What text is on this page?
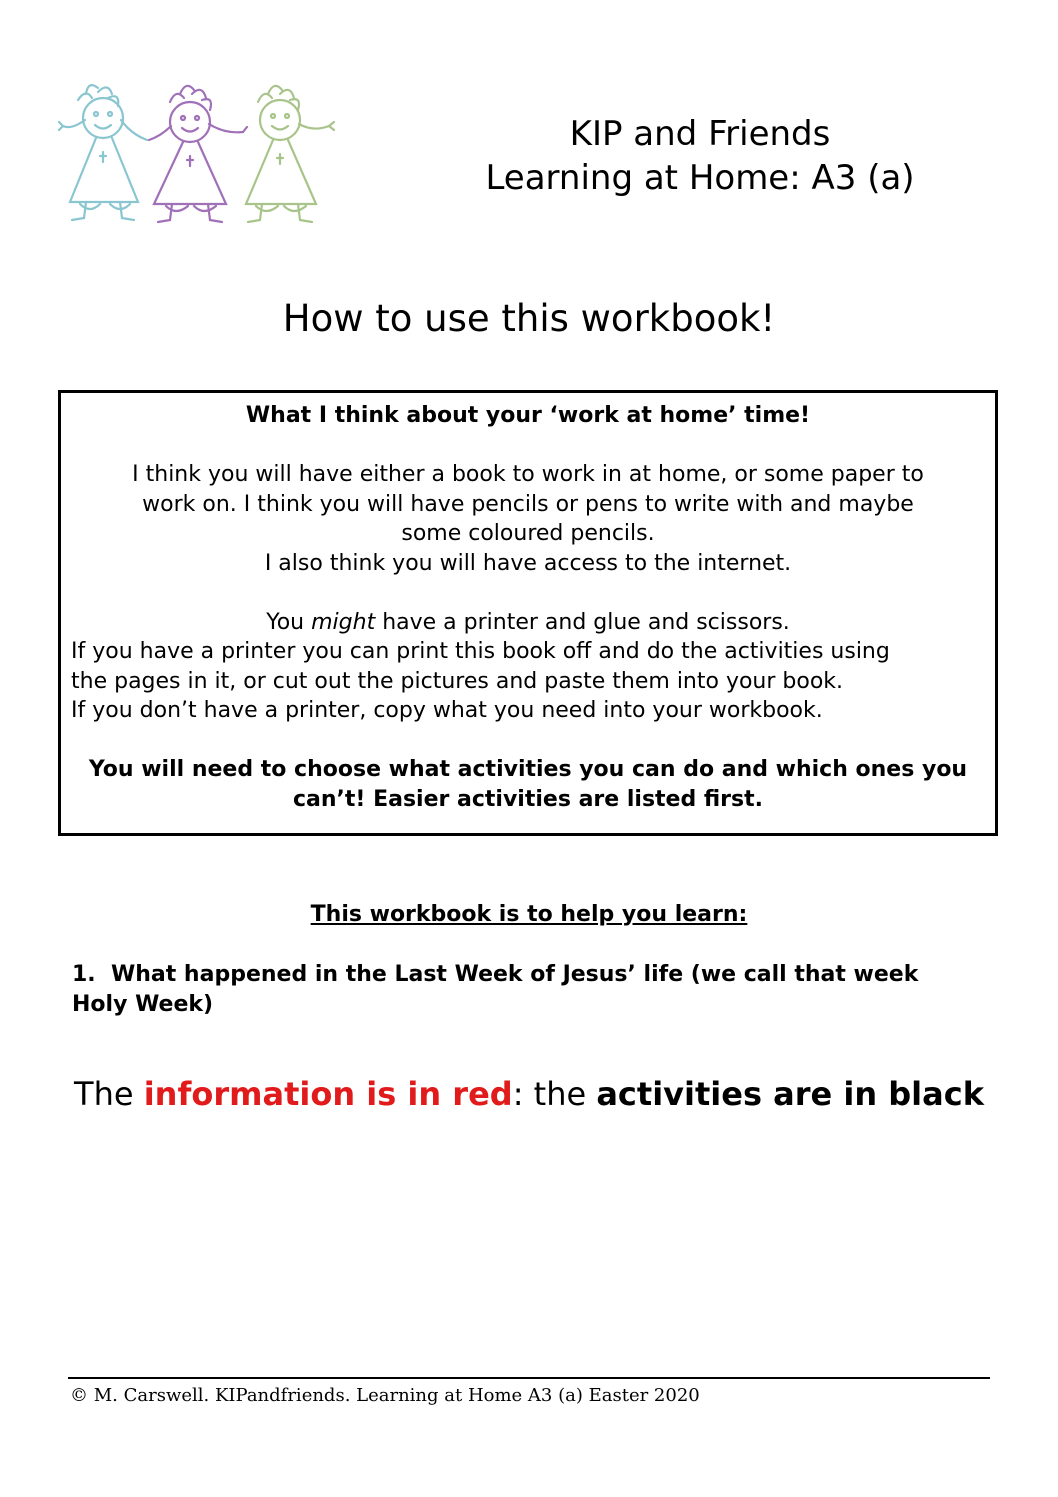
KIP and Friends
Learning at Home: A3 (a)
How to use this workbook!
What I think about your ‘work at home’ time!
I think you will have either a book to work in at home, or some paper to
work on. I think you will have pencils or pens to write with and maybe
some coloured pencils.
I also think you will have access to the internet.
You might have a printer and glue and scissors.
If you have a printer you can print this book off and do the activities using
the pages in it, or cut out the pictures and paste them into your book.
If you don’t have a printer, copy what you need into your workbook.
You will need to choose what activities you can do and which ones you
can’t! Easier activities are listed first.
This workbook is to help you learn:
1.  What happened in the Last Week of Jesus’ life (we call that week
Holy Week)
The information is in red: the activities are in black
© M. Carswell. KIPandfriends. Learning at Home A3 (a) Easter 2020
